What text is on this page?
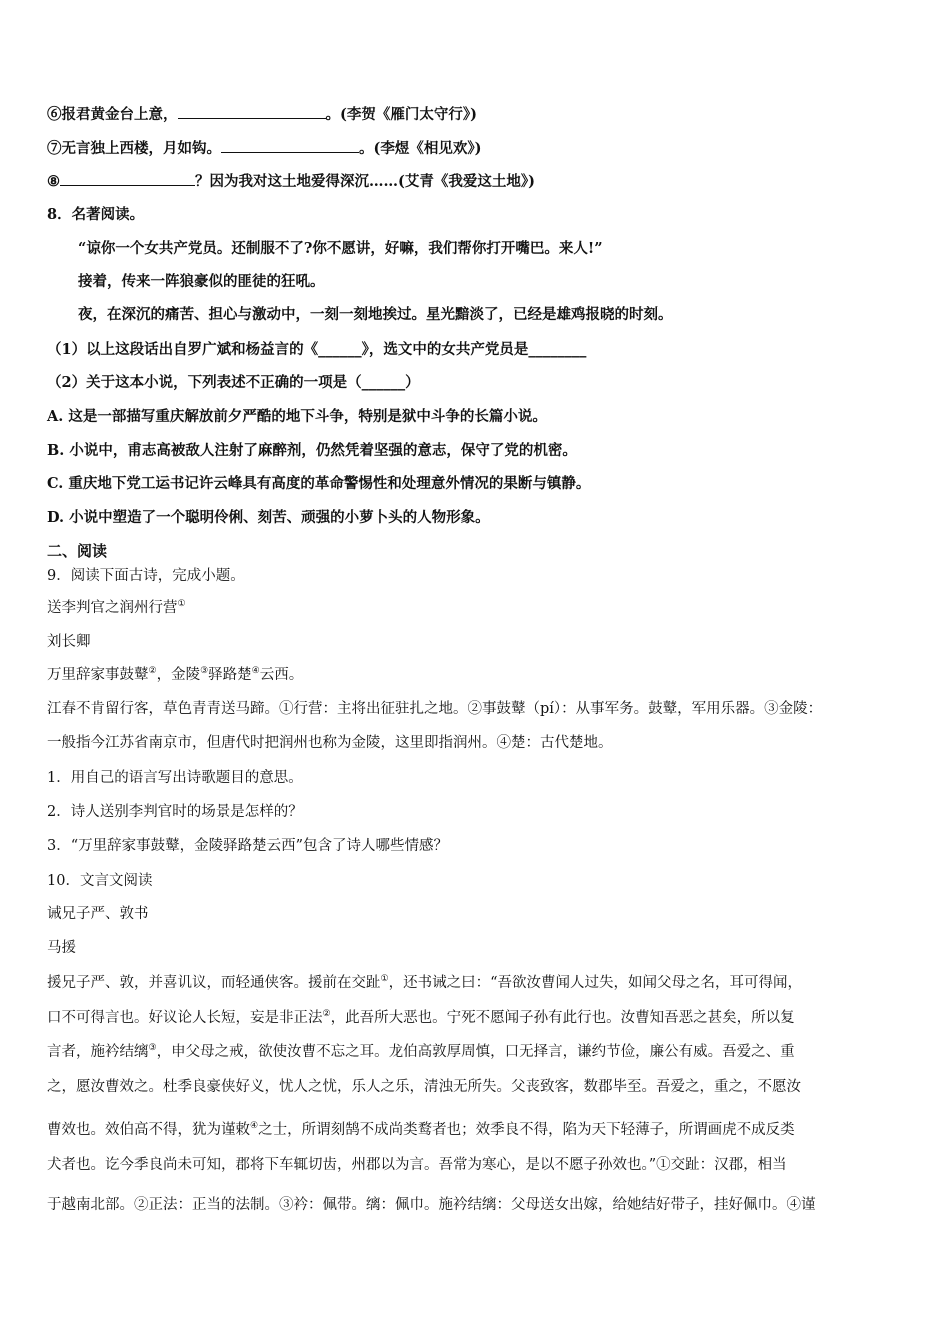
⑥报君黄金台上意，	。(李贺《雁门太守行》)
⑦无言独上西楼，月如钩。	。(李煜《相见欢》)
⑧	？因为我对这土地爱得深沉……(艾青《我爱这土地》)
8．名著阅读。
“谅你一个女共产党员。还制服不了?你不愿讲，好嘛，我们帮你打开嘴巴。来人!”
接着，传来一阵狼豪似的匪徒的狂吼。
夜，在深沉的痛苦、担心与激动中，一刻一刻地挨过。星光黯淡了，已经是雄鸡报晓的时刻。
（1）以上这段话出自罗广斌和杨益言的《______》，选文中的女共产党员是________
（2）关于这本小说，下列表述不正确的一项是（______）
A. 这是一部描写重庆解放前夕严酷的地下斗争，特别是狱中斗争的长篇小说。
B. 小说中，甫志高被敌人注射了麻醉剂，仍然凭着坚强的意志，保守了党的机密。
C. 重庆地下党工运书记许云峰具有高度的革命警惕性和处理意外情况的果断与镇静。
D. 小说中塑造了一个聪明伶俐、刻苦、顽强的小萝卜头的人物形象。
二、阅读
9．阅读下面古诗，完成小题。
送李判官之润州行营①
刘长卿
万里辞家事鼓鼙②，金陵③驿路楚④云西。
江春不肯留行客，草色青青送马蹄。①行营：主将出征驻扎之地。②事鼓鼙（pí）：从事军务。鼓鼙，军用乐器。③金陵：
一般指今江苏省南京市，但唐代时把润州也称为金陵，这里即指润州。④楚：古代楚地。
1．用自己的语言写出诗歌题目的意思。
2．诗人送别李判官时的场景是怎样的？
3．“万里辞家事鼓鼙，金陵驿路楚云西”包含了诗人哪些情感？
10．文言文阅读
诫兄子严、敦书
马援
援兄子严、敦，并喜讥议，而轻通侠客。援前在交趾①，还书诫之曰：“吾欲汝曹闻人过失，如闻父母之名，耳可得闻，
口不可得言也。好议论人长短，妄是非正法②，此吾所大恶也。宁死不愿闻子孙有此行也。汝曹知吾恶之甚矣，所以复
言者，施衿结缡③，申父母之戒，欲使汝曹不忘之耳。龙伯高敦厚周慎，口无择言，谦约节俭，廉公有威。吾爱之、重
之，愿汝曹效之。杜季良豪侠好义，忧人之忧，乐人之乐，清浊无所失。父丧致客，数郡毕至。吾爱之，重之，不愿汝
曹效也。效伯高不得，犹为谨敕④之士，所谓刻鹄不成尚类鹜者也；效季良不得，陷为天下轻薄子，所谓画虎不成反类
犬者也。讫今季良尚未可知，郡将下车辄切齿，州郡以为言。吾常为寒心，是以不愿子孙效也。”①交趾：汉郡，相当
于越南北部。②正法：正当的法制。③衿：佩带。缡：佩巾。施衿结缡：父母送女出嫁，给她结好带子，挂好佩巾。④谨
